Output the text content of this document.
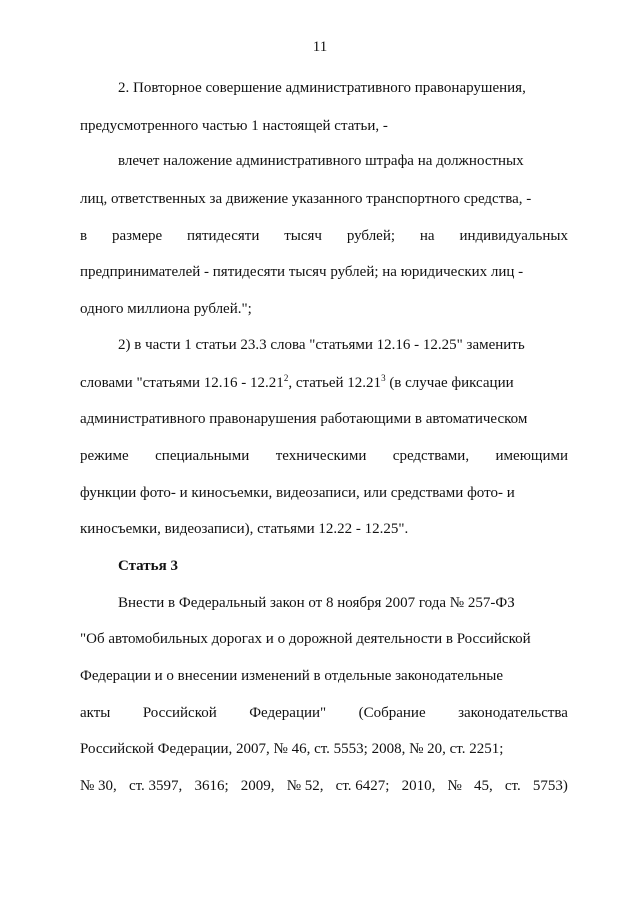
11
2. Повторное совершение административного правонарушения,
предусмотренного частью 1 настоящей статьи, -
влечет наложение административного штрафа на должностных
лиц, ответственных за движение указанного транспортного средства, -
в размере пятидесяти тысяч рублей; на индивидуальных
предпринимателей - пятидесяти тысяч рублей; на юридических лиц -
одного миллиона рублей.";
2) в части 1 статьи 23.3 слова "статьями 12.16 - 12.25" заменить
словами "статьями 12.16 - 12.21$^2$, статьей 12.21$^3$ (в случае фиксации
административного правонарушения работающими в автоматическом
режиме специальными техническими средствами, имеющими
функции фото- и киносъемки, видеозаписи, или средствами фото- и
киносъемки, видеозаписи), статьями 12.22 - 12.25".
Статья 3
Внести в Федеральный закон от 8 ноября 2007 года № 257-ФЗ
"Об автомобильных дорогах и о дорожной деятельности в Российской
Федерации и о внесении изменений в отдельные законодательные
акты Российской Федерации" (Собрание законодательства
Российской Федерации, 2007, № 46, ст. 5553; 2008, № 20, ст. 2251;
№ 30, ст. 3597, 3616; 2009, № 52, ст. 6427; 2010, № 45, ст. 5753)
